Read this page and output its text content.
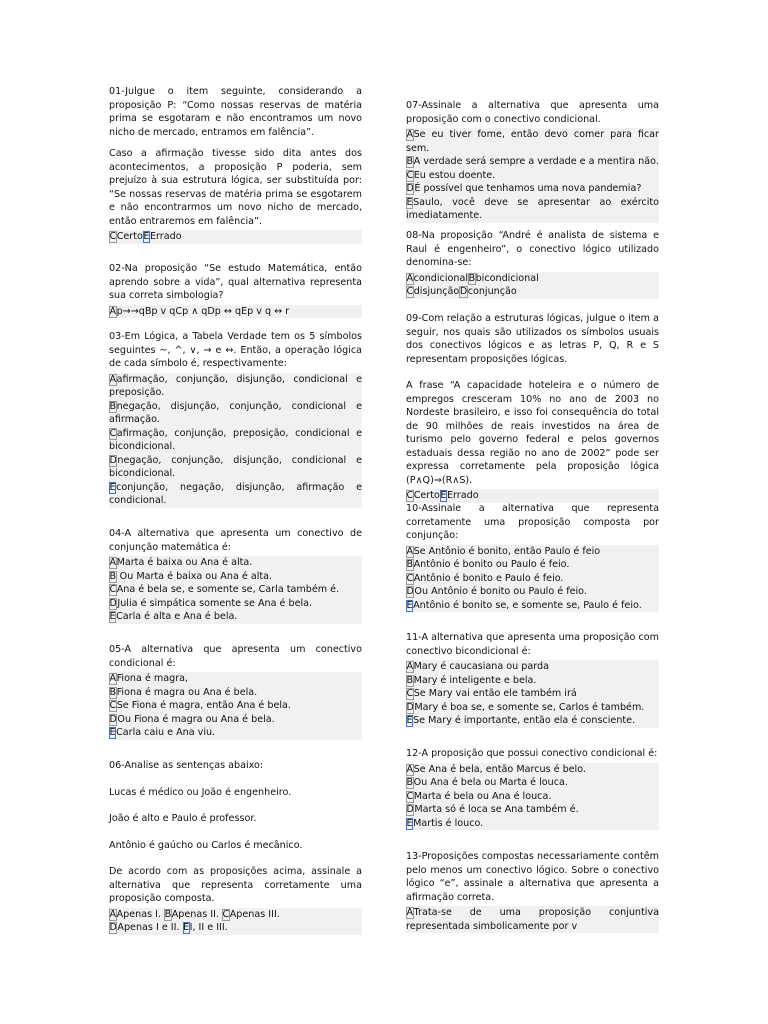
01-Julgue o item seguinte, considerando a proposição P: “Como nossas reservas de matéria prima se esgotaram e não encontramos um novo nicho de mercado, entramos em falência”.

Caso a afirmação tivesse sido dita antes dos acontecimentos, a proposição P poderia, sem prejuízo à sua estrutura lógica, ser substituída por: “Se nossas reservas de matéria prima se esgotarem e não encontrarmos um novo nicho de mercado, então entraremos em falência”.

CCertoEErrado

02-Na proposição “Se estudo Matemática, então aprendo sobre a vida”, qual alternativa representa sua correta simbologia?

Ap→→qBp v qCp ∧ qDp ↔ qEp v q ↔ r

03-Em Lógica, a Tabela Verdade tem os 5 símbolos seguintes ~, ^, ∨, → e ↔. Então, a operação lógica de cada símbolo é, respectivamente:

Aafirmação, conjunção, disjunção, condicional e preposição.
Bnegação, disjunção, conjunção, condicional e afirmação.
Cafirmação, conjunção, preposição, condicional e bicondicional.
Dnegação, conjunção, disjunção, condicional e bicondicional.
Econjunção, negação, disjunção, afirmação e condicional.

04-A alternativa que apresenta um conectivo de conjunção matemática é:

AMarta é baixa ou Ana é alta.
B Ou Marta é baixa ou Ana é alta.
CAna é bela se, e somente se, Carla também é.
DJulia é simpática somente se Ana é bela.
ECarla é alta e Ana é bela.

05-A alternativa que apresenta um conectivo condicional é:

AFiona é magra,
BFiona é magra ou Ana é bela.
CSe Fiona é magra, então Ana é bela.
DOu Fiona é magra ou Ana é bela.
ECarla caiu e Ana viu.

06-Analise as sentenças abaixo:

Lucas é médico ou João é engenheiro.

João é alto e Paulo é professor.

Antônio é gaúcho ou Carlos é mecânico.

De acordo com as proposições acima, assinale a alternativa que representa corretamente uma proposição composta.

AApenas I. BApenas II. CApenas III.
DApenas I e II. EI, II e III.

07-Assinale a alternativa que apresenta uma proposição com o conectivo condicional.

ASe eu tiver fome, então devo comer para ficar sem.
BA verdade será sempre a verdade e a mentira não.
CEu estou doente.
DÉ possível que tenhamos uma nova pandemia?
ESaulo, você deve se apresentar ao exército imediatamente.

08-Na proposição “André é analista de sistema e Raul é engenheiro”, o conectivo lógico utilizado denomina-se:

AcondicionalBbicondicional
CdisjunçãoDconjunção

09-Com relação a estruturas lógicas, julgue o item a seguir, nos quais são utilizados os símbolos usuais dos conectivos lógicos e as letras P, Q, R e S representam proposições lógicas.

A frase “A capacidade hoteleira e o número de empregos cresceram 10% no ano de 2003 no Nordeste brasileiro, e isso foi consequência do total de 90 milhões de reais investidos na área de turismo pelo governo federal e pelos governos estaduais dessa região no ano de 2002” pode ser expressa corretamente pela proposição lógica (P∧Q)⇒(R∧S).

CCertoEErrado

10-Assinale a alternativa que representa corretamente uma proposição composta por conjunção:

ASe Antônio é bonito, então Paulo é feio
BAntônio é bonito ou Paulo é feio.
CAntônio é bonito e Paulo é feio.
DOu Antônio é bonito ou Paulo é feio.
EAntônio é bonito se, e somente se, Paulo é feio.

11-A alternativa que apresenta uma proposição com conectivo bicondicional é:

AMary é caucasiana ou parda
BMary é inteligente e bela.
CSe Mary vai então ele também irá
DMary é boa se, e somente se, Carlos é também.
ESe Mary é importante, então ela é consciente.

12-A proposição que possui conectivo condicional é:

ASe Ana é bela, então Marcus é belo.
BOu Ana é bela ou Marta é louca.
CMarta é bela ou Ana é louca.
DMarta só é loca se Ana também é.
EMartis é louco.

13-Proposições compostas necessariamente contêm pelo menos um conectivo lógico. Sobre o conectivo lógico “e”, assinale a alternativa que apresenta a afirmação correta.

ATrata-se de uma proposição conjuntiva representada simbolicamente por v
